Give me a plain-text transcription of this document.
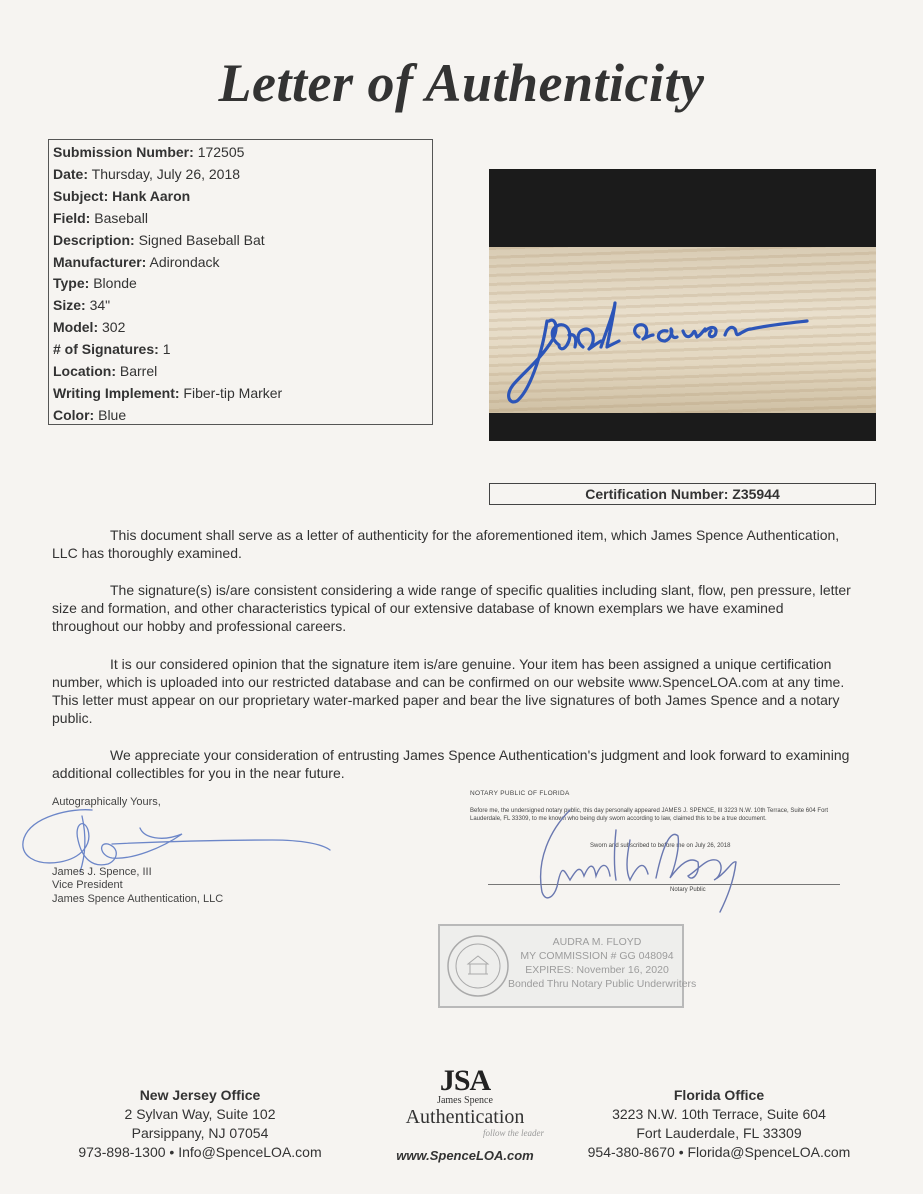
Letter of Authenticity
Submission Number: 172505
Date: Thursday, July 26, 2018
Subject: Hank Aaron
Field: Baseball
Description: Signed Baseball Bat
Manufacturer: Adirondack
Type: Blonde
Size: 34"
Model: 302
# of Signatures: 1
Location: Barrel
Writing Implement: Fiber-tip Marker
Color: Blue
Certification Number: Z35944
This document shall serve as a letter of authenticity for the aforementioned item, which James Spence Authentication, LLC has thoroughly examined.
The signature(s) is/are consistent considering a wide range of specific qualities including slant, flow, pen pressure, letter size and formation, and other characteristics typical of our extensive database of known exemplars we have examined throughout our hobby and professional careers.
It is our considered opinion that the signature item is/are genuine. Your item has been assigned a unique certification number, which is uploaded into our restricted database and can be confirmed on our website www.SpenceLOA.com at any time. This letter must appear on our proprietary water-marked paper and bear the live signatures of both James Spence and a notary public.
We appreciate your consideration of entrusting James Spence Authentication's judgment and look forward to examining additional collectibles for you in the near future.
Autographically Yours,
James J. Spence, III
Vice President
James Spence Authentication, LLC
NOTARY PUBLIC OF FLORIDA
Before me, the undersigned notary public, this day personally appeared JAMES J. SPENCE, III 3223 N.W. 10th Terrace, Suite 604 Fort Lauderdale, FL 33309, to me known who being duly sworn according to law, claimed this to be a true document.
Sworn and subscribed to before me on July 26, 2018
Notary Public
AUDRA M. FLOYD
MY COMMISSION # GG 048094
EXPIRES: November 16, 2020
Bonded Thru Notary Public Underwriters
New Jersey Office
2 Sylvan Way, Suite 102
Parsippany, NJ 07054
973-898-1300 • Info@SpenceLOA.com
JSA
James Spence
Authentication
follow the leader
www.SpenceLOA.com
Florida Office
3223 N.W. 10th Terrace, Suite 604
Fort Lauderdale, FL 33309
954-380-8670 • Florida@SpenceLOA.com
